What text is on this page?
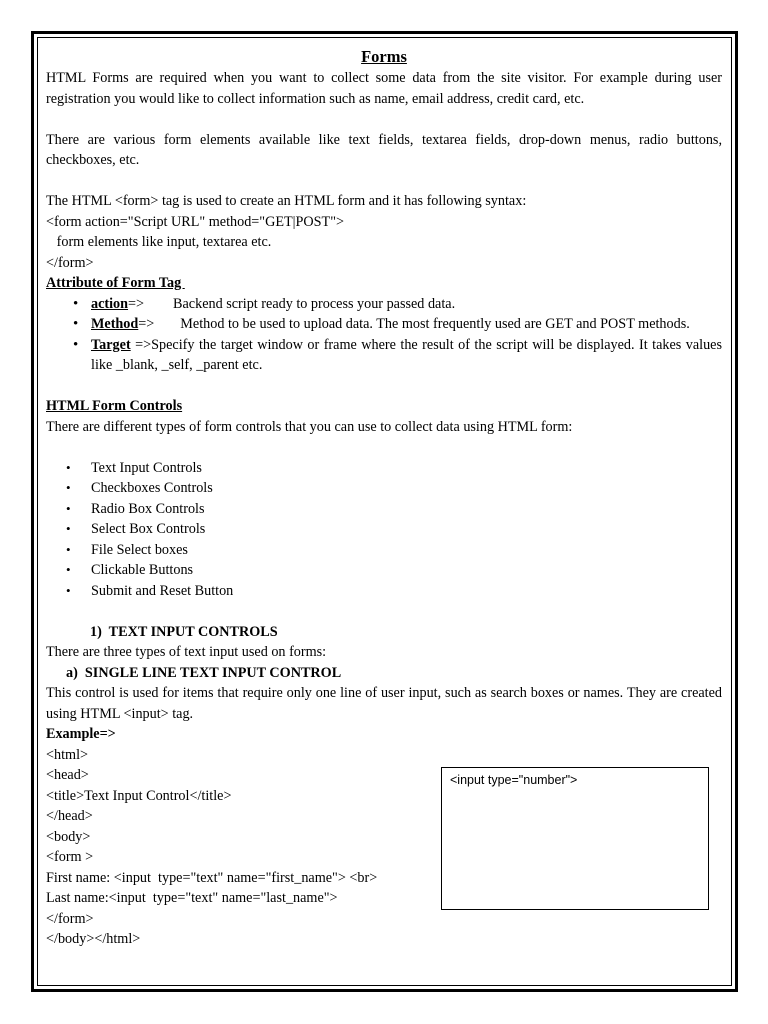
Forms
HTML Forms are required when you want to collect some data from the site visitor. For example during user registration you would like to collect information such as name, email address, credit card, etc.
There are various form elements available like text fields, textarea fields, drop-down menus, radio buttons, checkboxes, etc.
The HTML <form> tag is used to create an HTML form and it has following syntax:
<form action="Script URL" method="GET|POST">
form elements like input, textarea etc.
</form>
Attribute of Form Tag
• action=> Backend script ready to process your passed data.
• Method=> Method to be used to upload data. The most frequently used are GET and POST methods.
• Target =>Specify the target window or frame where the result of the script will be displayed. It takes values like _blank, _self, _parent etc.
HTML Form Controls
There are different types of form controls that you can use to collect data using HTML form:
• Text Input Controls
• Checkboxes Controls
• Radio Box Controls
• Select Box Controls
• File Select boxes
• Clickable Buttons
• Submit and Reset Button
1)  TEXT INPUT CONTROLS
There are three types of text input used on forms:
a)  SINGLE LINE TEXT INPUT CONTROL
This control is used for items that require only one line of user input, such as search boxes or names. They are created using HTML <input> tag.
Example=>
<html>
<head>
<title>Text Input Control</title>
</head>
<body>
<form >
First name: <input  type="text" name="first_name"> <br>
Last name:<input  type="text" name="last_name">
</form>
</body></html>
<input type="number">
